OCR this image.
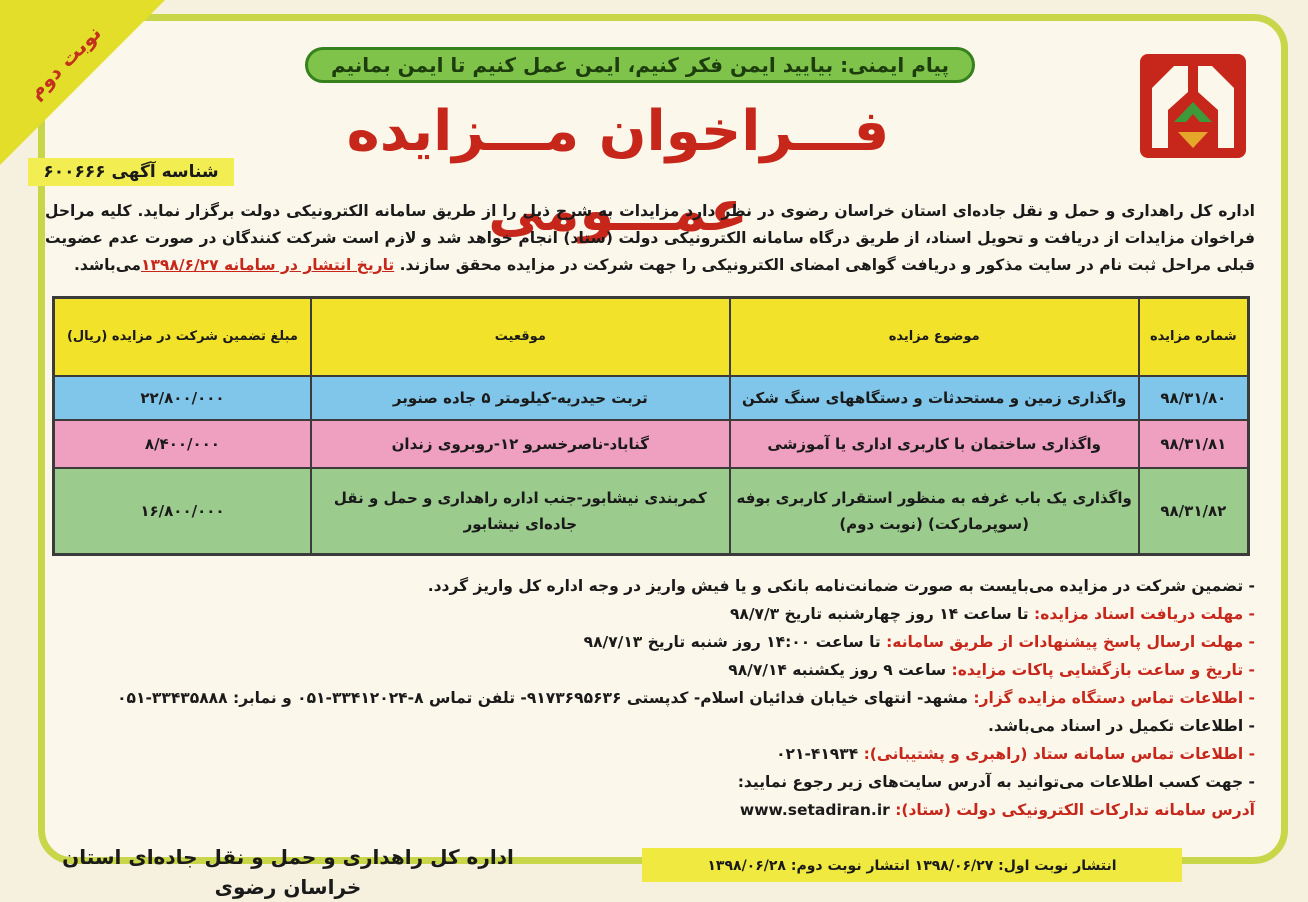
نوبت دوم	پیام ایمنی: بیایید ایمن فکر کنیم، ایمن عمل کنیم تا ایمن بمانیم
فـــراخوان مـــزایده عمـــومی
شناسه آگهی ۶۰۰۶۶۶
اداره کل راهداری و حمل و نقل جاده‌ای استان خراسان رضوی در نظر دارد مزایدات به شرح ذیل را از طریق سامانه الکترونیکی دولت برگزار نماید. کلیه مراحل فراخوان مزایدات از دریافت و تحویل اسناد، از طریق درگاه سامانه الکترونیکی دولت (ستاد) انجام خواهد شد و لازم است شرکت کنندگان در صورت عدم عضویت قبلی مراحل ثبت نام در سایت مذکور و دریافت گواهی امضای الکترونیکی را جهت شرکت در مزایده محقق سازند. تاریخ انتشار در سامانه ۱۳۹۸/۶/۲۷می‌باشد.
شماره مزایده	موضوع مزایده	موقعیت	مبلغ تضمین شرکت در مزایده (ریال)
۹۸/۳۱/۸۰	واگذاری زمین و مستحدثات و دستگاههای سنگ شکن	تربت حیدریه-کیلومتر ۵ جاده صنوبر	۲۲/۸۰۰/۰۰۰
۹۸/۳۱/۸۱	واگذاری ساختمان با کاربری اداری یا آموزشی	گناباد-ناصرخسرو ۱۲-روبروی زندان	۸/۴۰۰/۰۰۰
۹۸/۳۱/۸۲	واگذاری یک باب غرفه به منظور استقرار کاربری بوفه (سوپرمارکت) (نوبت دوم)	کمربندی نیشابور-جنب اداره راهداری و حمل و نقل جاده‌ای نیشابور	۱۶/۸۰۰/۰۰۰
- تضمین شرکت در مزایده می‌بایست به صورت ضمانت‌نامه بانکی و یا فیش واریز در وجه اداره کل واریز گردد.
- مهلت دریافت اسناد مزایده: تا ساعت ۱۴ روز چهارشنبه تاریخ ۹۸/۷/۳
- مهلت ارسال پاسخ پیشنهادات از طریق سامانه: تا ساعت ۱۴:۰۰ روز شنبه تاریخ ۹۸/۷/۱۳
- تاریخ و ساعت بازگشایی پاکات مزایده: ساعت ۹ روز یکشنبه ۹۸/۷/۱۴
- اطلاعات تماس دستگاه مزایده گزار: مشهد- انتهای خیابان فدائیان اسلام- کدپستی ۹۱۷۳۶۹۵۶۳۶- تلفن تماس ۸-۳۳۴۱۲۰۲۴-۰۵۱ و نمابر: ۳۳۴۳۵۸۸۸-۰۵۱
- اطلاعات تکمیل در اسناد می‌باشد.
- اطلاعات تماس سامانه ستاد (راهبری و پشتیبانی): ۴۱۹۳۴-۰۲۱
- جهت کسب اطلاعات می‌توانید به آدرس سایت‌های زیر رجوع نمایید:
آدرس سامانه تدارکات الکترونیکی دولت (ستاد): www.setadiran.ir
اداره کل راهداری و حمل و نقل جاده‌ای استان خراسان رضوی
انتشار نوبت اول: ۱۳۹۸/۰۶/۲۷ انتشار نوبت دوم: ۱۳۹۸/۰۶/۲۸
